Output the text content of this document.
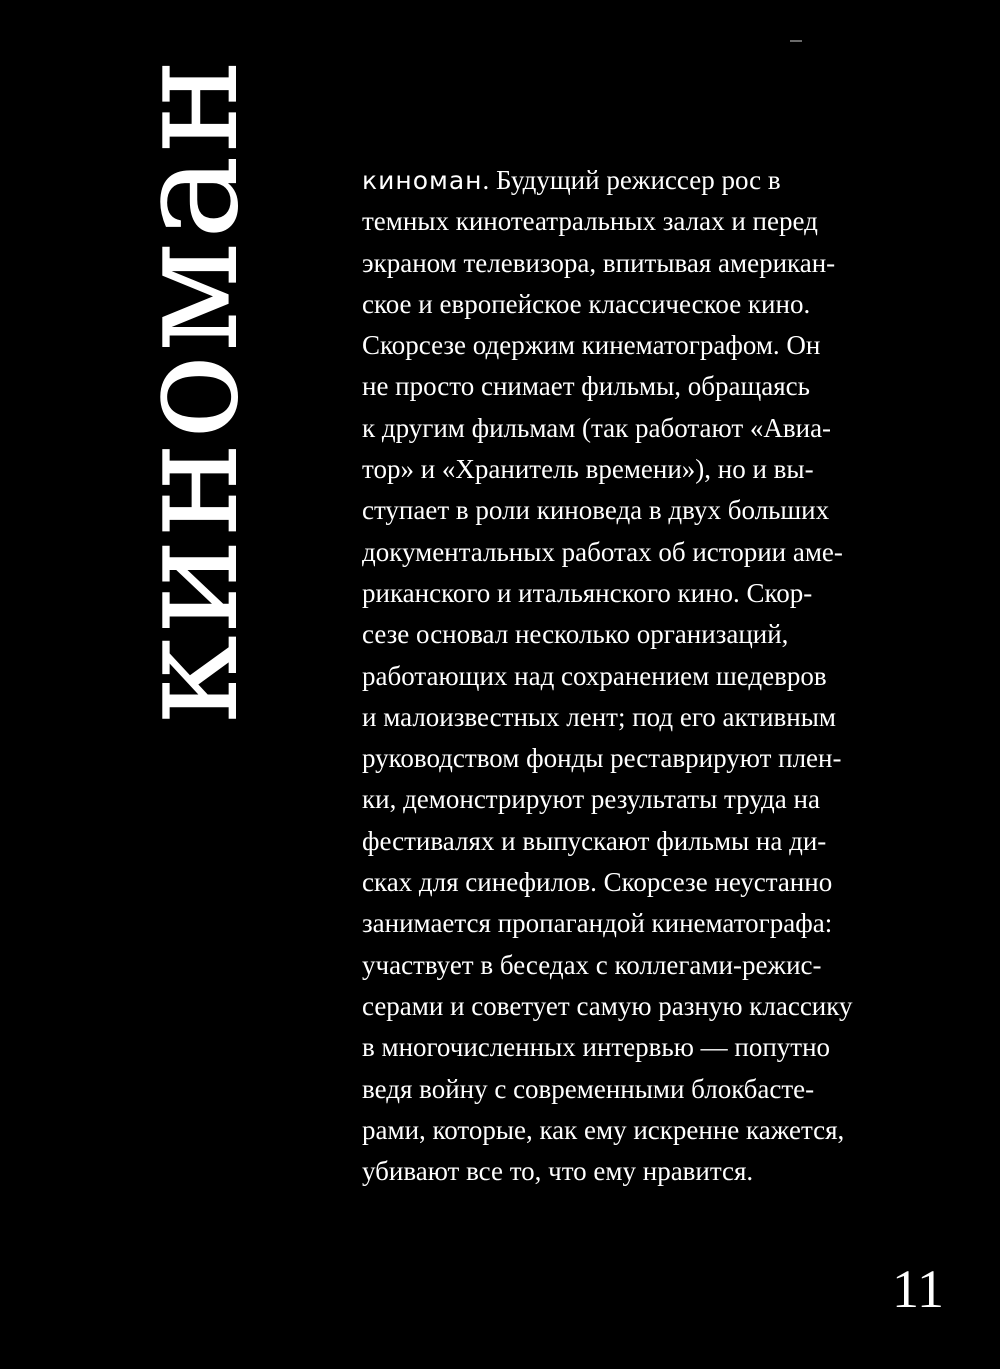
киноман	киноман. Будущий режиссер рос в
темных кинотеатральных залах и перед
экраном телевизора, впитывая американ-
ское и европейское классическое кино.
Скорсезе одержим кинематографом. Он
не просто снимает фильмы, обращаясь
к другим фильмам (так работают «Авиа-
тор» и «Хранитель времени»), но и вы-
ступает в роли киноведа в двух больших
документальных работах об истории аме-
риканского и итальянского кино. Скор-
сезе основал несколько организаций,
работающих над сохранением шедевров
и малоизвестных лент; под его активным
руководством фонды реставрируют плен-
ки, демонстрируют результаты труда на
фестивалях и выпускают фильмы на ди-
сках для синефилов. Скорсезе неустанно
занимается пропагандой кинематографа:
участвует в беседах с коллегами-режис-
серами и советует самую разную классику
в многочисленных интервью — попутно
ведя войну с современными блокбасте-
рами, которые, как ему искренне кажется,
убивают все то, что ему нравится.

11
